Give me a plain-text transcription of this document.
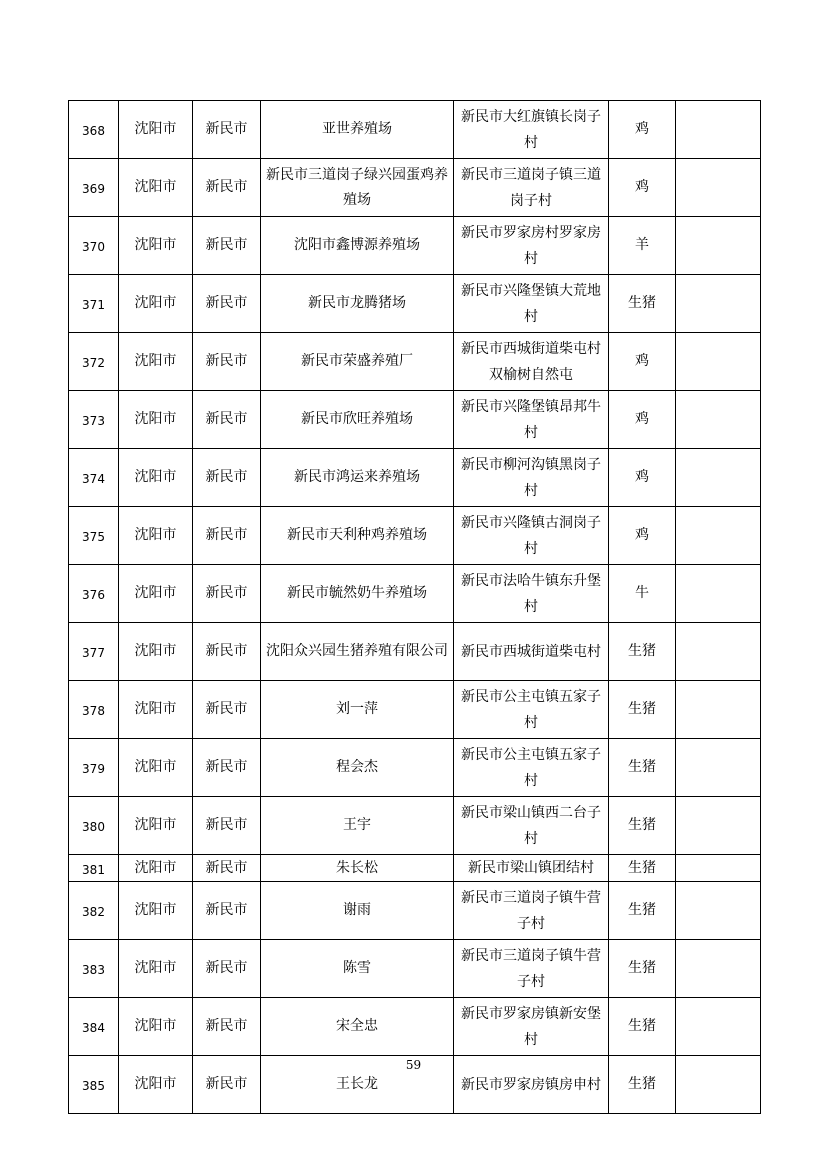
368	沈阳市	新民市	亚世养殖场	新民市大红旗镇长岗子村	鸡	
369	沈阳市	新民市	新民市三道岗子绿兴园蛋鸡养殖场	新民市三道岗子镇三道岗子村	鸡	
370	沈阳市	新民市	沈阳市鑫博源养殖场	新民市罗家房村罗家房村	羊	
371	沈阳市	新民市	新民市龙腾猪场	新民市兴隆堡镇大荒地村	生猪	
372	沈阳市	新民市	新民市荣盛养殖厂	新民市西城街道柴屯村双榆树自然屯	鸡	
373	沈阳市	新民市	新民市欣旺养殖场	新民市兴隆堡镇昂邦牛村	鸡	
374	沈阳市	新民市	新民市鸿运来养殖场	新民市柳河沟镇黑岗子村	鸡	
375	沈阳市	新民市	新民市天利种鸡养殖场	新民市兴隆镇古洞岗子村	鸡	
376	沈阳市	新民市	新民市毓然奶牛养殖场	新民市法哈牛镇东升堡村	牛	
377	沈阳市	新民市	沈阳众兴园生猪养殖有限公司	新民市西城街道柴屯村	生猪	
378	沈阳市	新民市	刘一萍	新民市公主屯镇五家子村	生猪	
379	沈阳市	新民市	程会杰	新民市公主屯镇五家子村	生猪	
380	沈阳市	新民市	王宇	新民市梁山镇西二台子村	生猪	
381	沈阳市	新民市	朱长松	新民市梁山镇团结村	生猪	
382	沈阳市	新民市	谢雨	新民市三道岗子镇牛营子村	生猪	
383	沈阳市	新民市	陈雪	新民市三道岗子镇牛营子村	生猪	
384	沈阳市	新民市	宋全忠	新民市罗家房镇新安堡村	生猪	
385	沈阳市	新民市	王长龙	新民市罗家房镇房申村	生猪	
59
